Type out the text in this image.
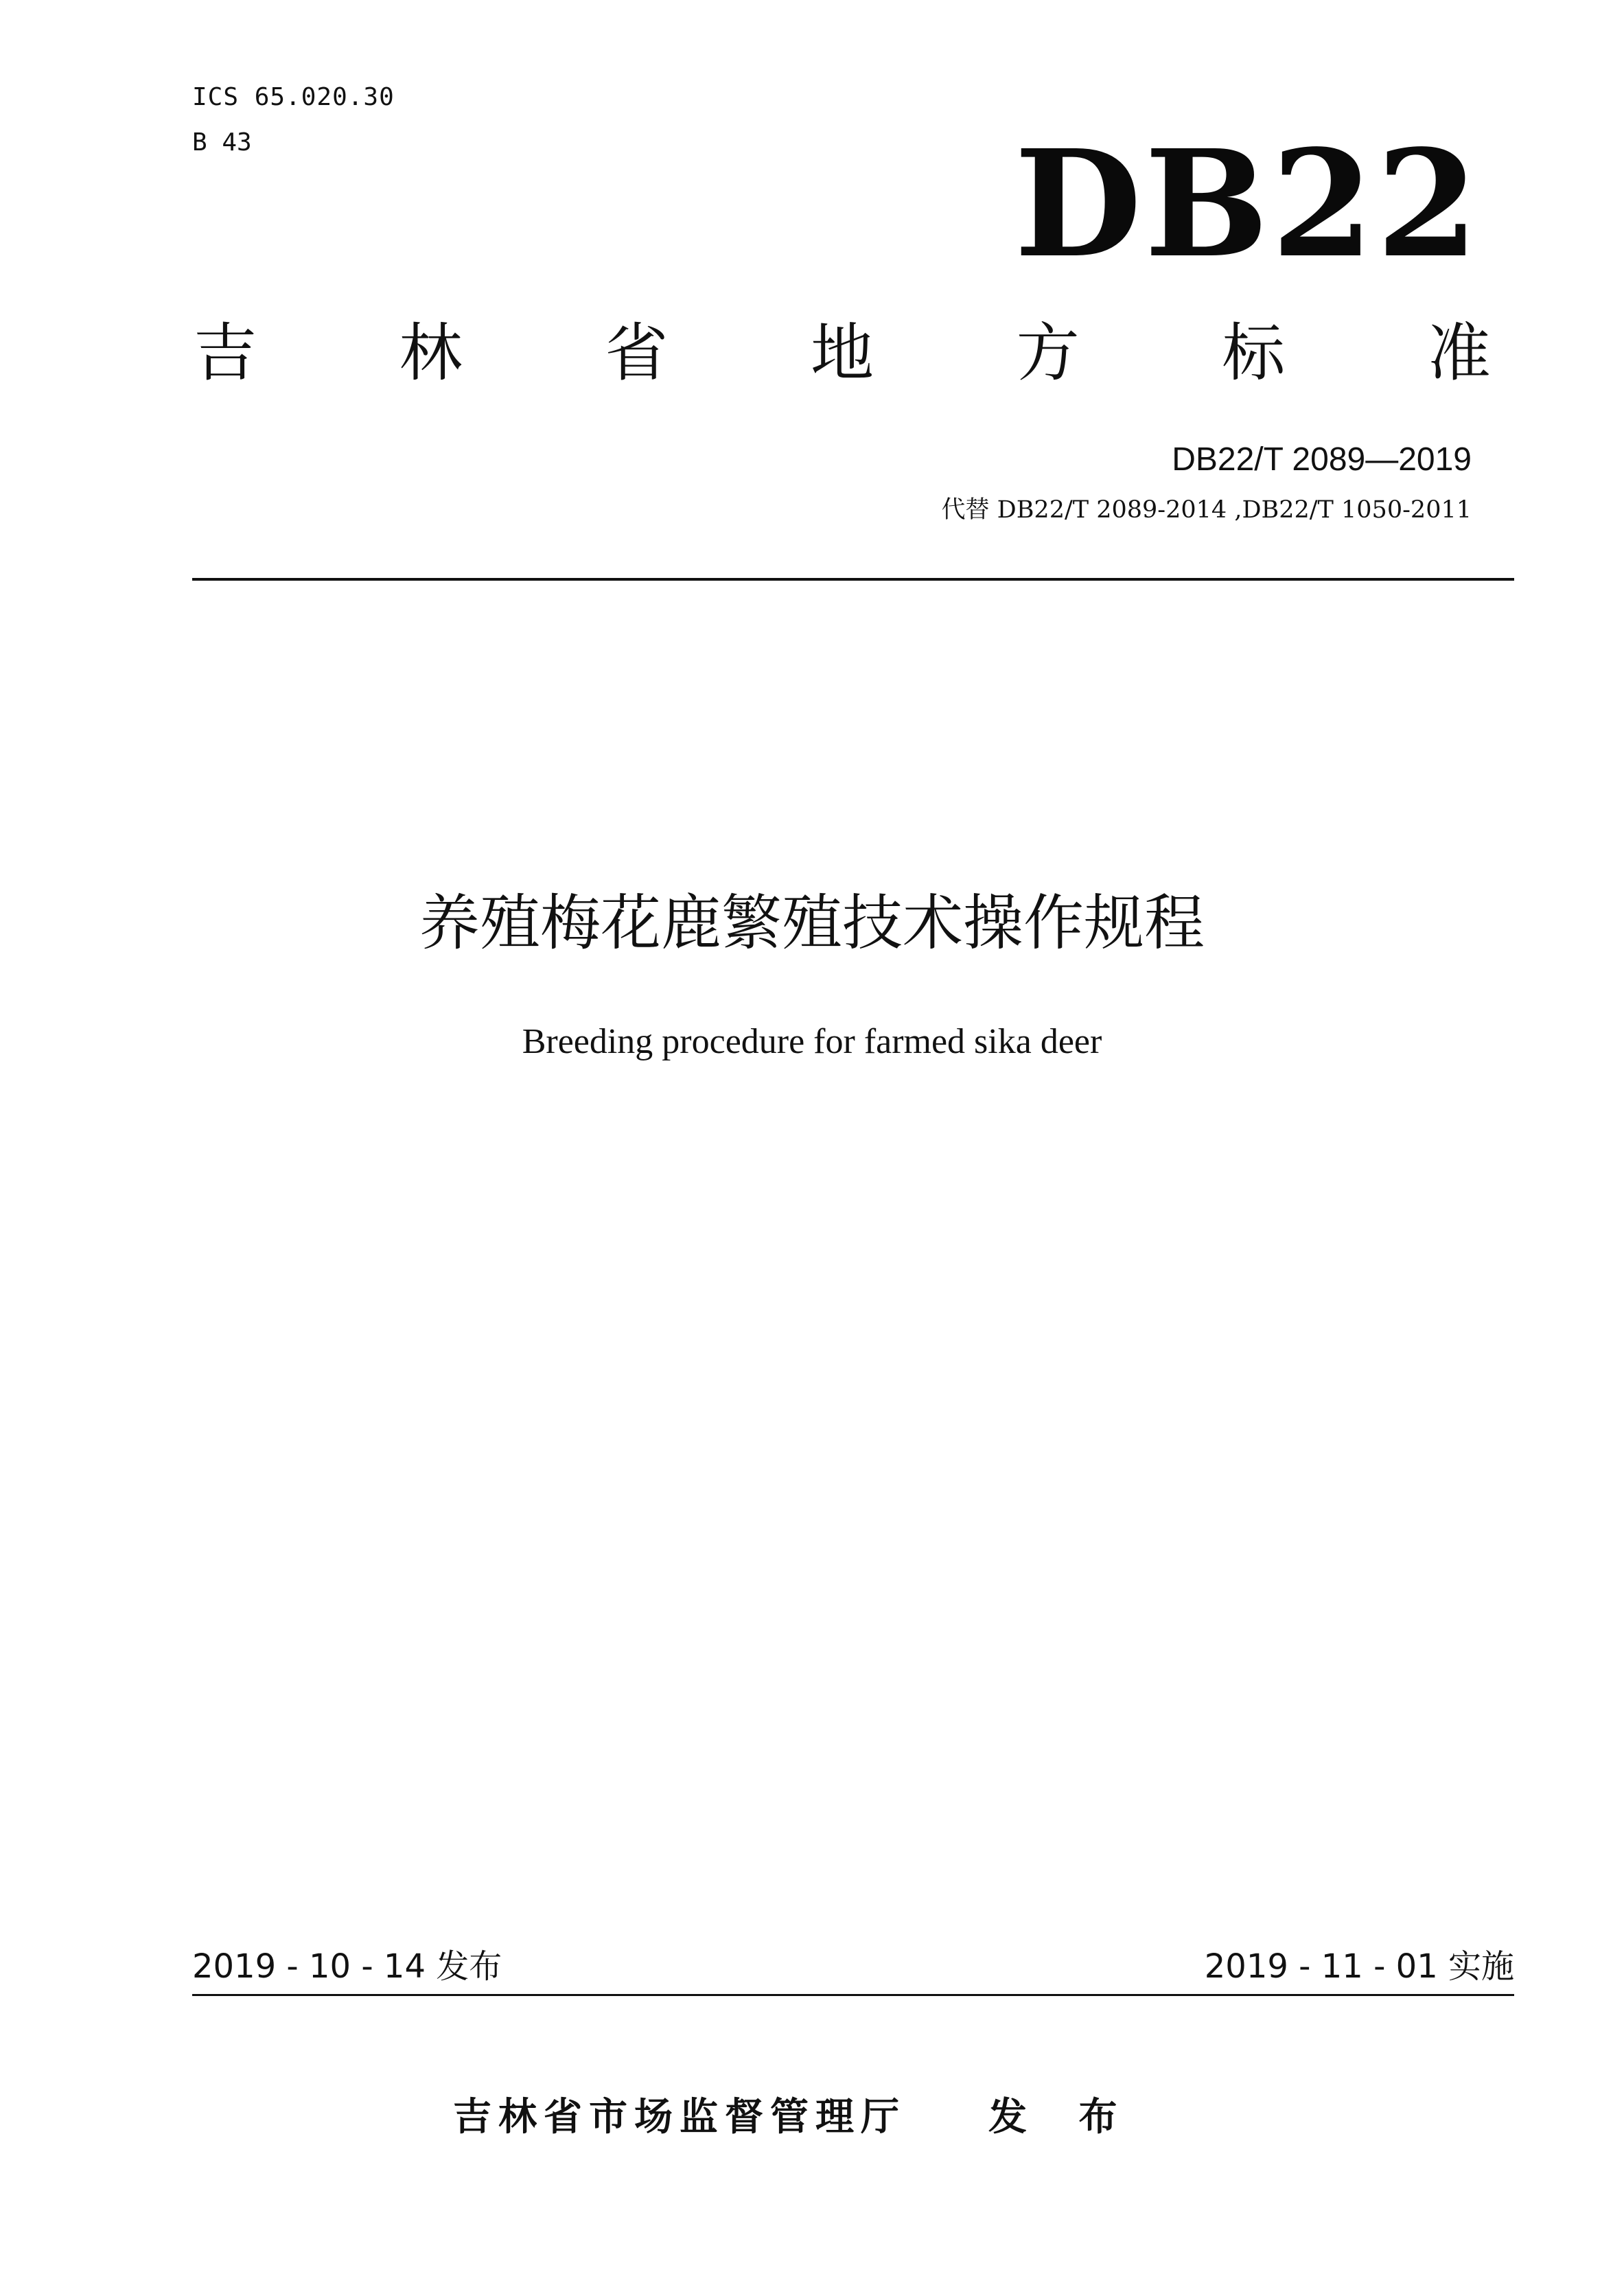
ICS 65.020.30
B 43	DB22
吉 林 省 地 方 标 准
DB22/T 2089—2019
代替 DB22/T 2089-2014 ,DB22/T 1050-2011
养殖梅花鹿繁殖技术操作规程
Breeding procedure for farmed sika deer
2019 - 10 - 14 发布	2019 - 11 - 01 实施
吉林省市场监督管理厅 发 布
